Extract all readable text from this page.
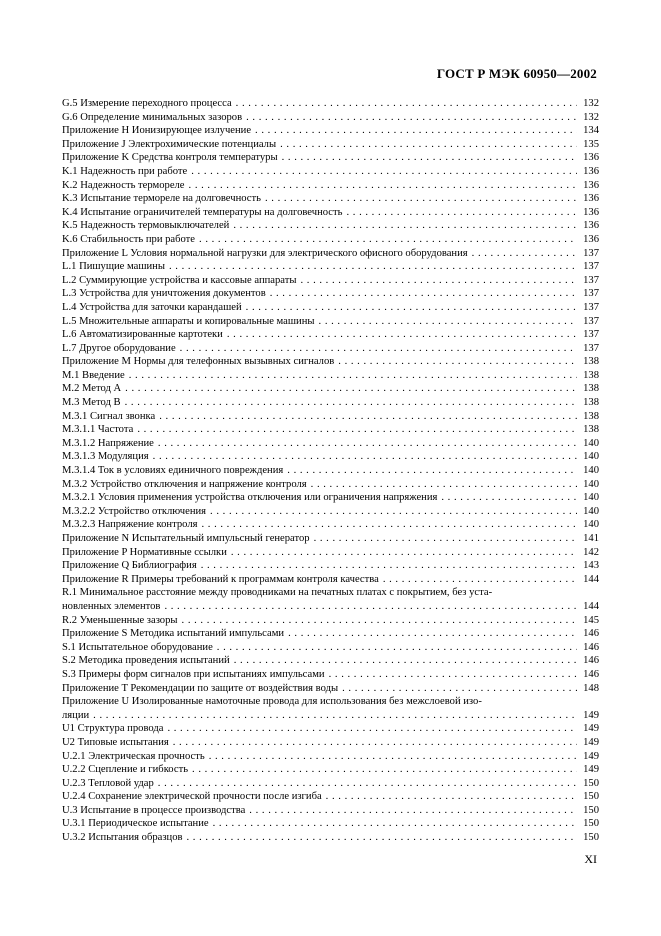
ГОСТ Р МЭК 60950—2002
G.5 Измерение переходного процесса . . .	132
G.6 Определение минимальных зазоров . . .	132
Приложение H Ионизирующее излучение . . .	134
Приложение J Электрохимические потенциалы . . .	135
Приложение K Средства контроля температуры . . .	136
K.1 Надежность при работе . . .	136
K.2 Надежность термореле . . .	136
K.3 Испытание термореле на долговечность . . .	136
K.4 Испытание ограничителей температуры на долговечность . . .	136
K.5 Надежность термовыключателей . . .	136
K.6 Стабильность при работе . . .	136
Приложение L Условия нормальной нагрузки для электрического офисного оборудования . . .	137
L.1 Пишущие машины . . .	137
L.2 Суммирующие устройства и кассовые аппараты . . .	137
L.3 Устройства для уничтожения документов . . .	137
L.4 Устройства для заточки карандашей . . .	137
L.5 Множительные аппараты и копировальные машины . . .	137
L.6 Автоматизированные картотеки . . .	137
L.7 Другое оборудование . . .	137
Приложение M Нормы для телефонных вызывных сигналов . . .	138
M.1 Введение . . .	138
M.2 Метод A . . .	138
M.3 Метод B . . .	138
M.3.1 Сигнал звонка . . .	138
M.3.1.1 Частота . . .	138
M.3.1.2 Напряжение . . .	140
M.3.1.3 Модуляция . . .	140
M.3.1.4 Ток в условиях единичного повреждения . . .	140
M.3.2 Устройство отключения и напряжение контроля . . .	140
M.3.2.1 Условия применения устройства отключения или ограничения напряжения . . .	140
M.3.2.2 Устройство отключения . . .	140
M.3.2.3 Напряжение контроля . . .	140
Приложение N Испытательный импульсный генератор . . .	141
Приложение P Нормативные ссылки . . .	142
Приложение Q Библиография . . .	143
Приложение R Примеры требований к программам контроля качества . . .	144
R.1 Минимальное расстояние между проводниками на печатных платах с покрытием, без уста-
новленных элементов . . .	144
R.2 Уменьшенные зазоры . . .	145
Приложение S Методика испытаний импульсами . . .	146
S.1 Испытательное оборудование . . .	146
S.2 Методика проведения испытаний . . .	146
S.3 Примеры форм сигналов при испытаниях импульсами . . .	146
Приложение T Рекомендации по защите от воздействия воды . . .	148
Приложение U Изолированные намоточные провода для использования без межслоевой изо-
ляции . . .	149
U1 Структура провода . . .	149
U2 Типовые испытания . . .	149
U.2.1 Электрическая прочность . . .	149
U.2.2 Сцепление и гибкость . . .	149
U.2.3 Тепловой удар . . .	150
U.2.4 Сохранение электрической прочности после изгиба . . .	150
U.3 Испытание в процессе производства . . .	150
U.3.1 Периодическое испытание . . .	150
U.3.2 Испытания образцов . . .	150
XI
